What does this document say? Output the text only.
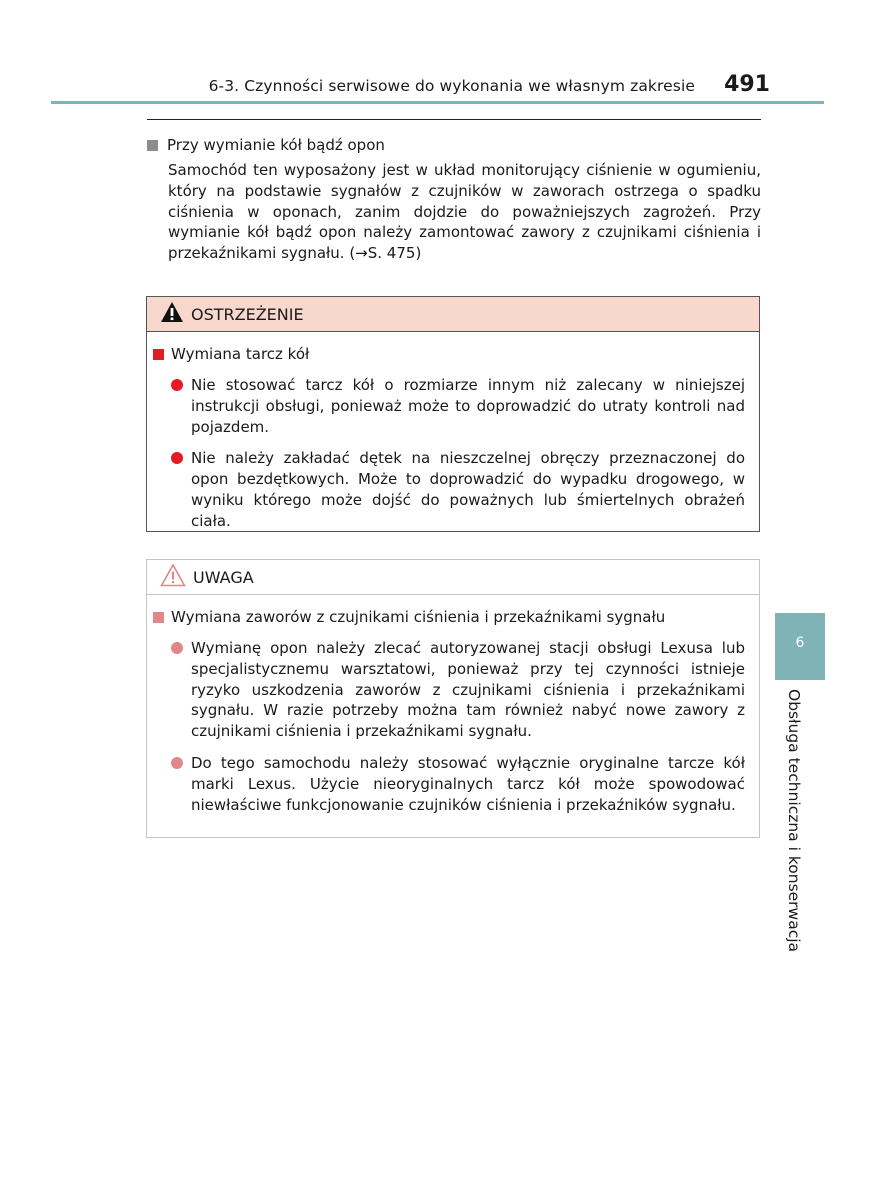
6-3. Czynności serwisowe do wykonania we własnym zakresie 491
Przy wymianie kół bądź opon
Samochód ten wyposażony jest w układ monitorujący ciśnienie w ogumieniu, który na podstawie sygnałów z czujników w zaworach ostrzega o spadku ciśnienia w oponach, zanim dojdzie do poważniejszych zagrożeń. Przy wymianie kół bądź opon należy zamontować zawory z czujnikami ciśnienia i przekaźnikami sygnału. (→S. 475)
OSTRZEŻENIE
Wymiana tarcz kół
Nie stosować tarcz kół o rozmiarze innym niż zalecany w niniejszej instrukcji obsługi, ponieważ może to doprowadzić do utraty kontroli nad pojazdem.
Nie należy zakładać dętek na nieszczelnej obręczy przeznaczonej do opon bezdętkowych. Może to doprowadzić do wypadku drogowego, w wyniku którego może dojść do poważnych lub śmiertelnych obrażeń ciała.
UWAGA
Wymiana zaworów z czujnikami ciśnienia i przekaźnikami sygnału
Wymianę opon należy zlecać autoryzowanej stacji obsługi Lexusa lub specjalistycznemu warsztatowi, ponieważ przy tej czynności istnieje ryzyko uszkodzenia zaworów z czujnikami ciśnienia i przekaźnikami sygnału. W razie potrzeby można tam również nabyć nowe zawory z czujnikami ciśnienia i przekaźnikami sygnału.
Do tego samochodu należy stosować wyłącznie oryginalne tarcze kół marki Lexus. Użycie nieoryginalnych tarcz kół może spowodować niewłaściwe funkcjonowanie czujników ciśnienia i przekaźników sygnału.
6
Obsługa techniczna i konserwacja
